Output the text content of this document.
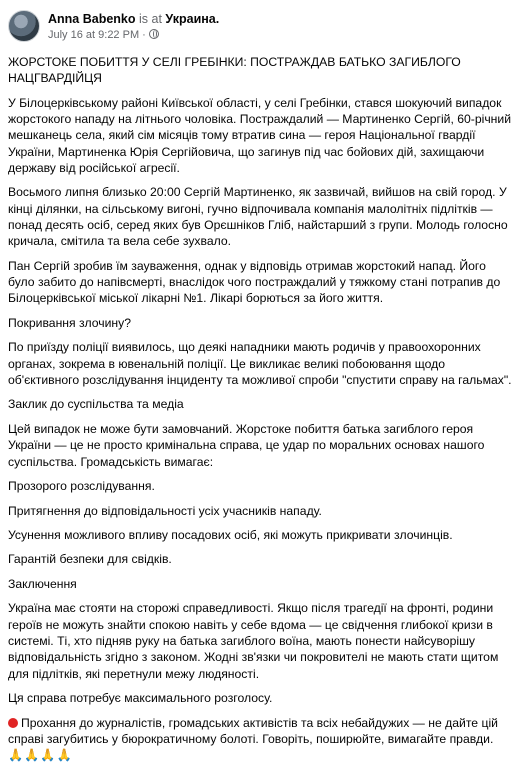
Anna Babenko is at Украина.
July 16 at 9:22 PM ·

ЖОРСТОКЕ ПОБИТТЯ У СЕЛІ ГРЕБІНКИ: ПОСТРАЖДАВ БАТЬКО ЗАГИБЛОГО НАЦГВАРДІЙЦЯ

У Білоцерківському районі Київської області, у селі Гребінки, стався шокуючий випадок жорстокого нападу на літнього чоловіка. Постраждалий — Мартиненко Сергій, 60-річний мешканець села, який сім місяців тому втратив сина — героя Національної гвардії України, Мартиненка Юрія Сергійовича, що загинув під час бойових дій, захищаючи державу від російської агресії.

Восьмого липня близько 20:00 Сергій Мартиненко, як зазвичай, вийшов на свій город. У кінці ділянки, на сільському вигоні, гучно відпочивала компанія малолітніх підлітків — понад десять осіб, серед яких був Орєшніков Гліб, найстарший з групи. Молодь голосно кричала, смітила та вела себе зухвало.

Пан Сергій зробив їм зауваження, однак у відповідь отримав жорстокий напад. Його було забито до напівсмерті, внаслідок чого постраждалий у тяжкому стані потрапив до Білоцерківської міської лікарні №1. Лікарі борються за його життя.

Покривання злочину?

По приїзду поліції виявилось, що деякі нападники мають родичів у правоохоронних органах, зокрема в ювенальній поліції. Це викликає великі побоювання щодо об'єктивного розслідування інциденту та можливої спроби "спустити справу на гальмах".

Заклик до суспільства та медіа

Цей випадок не може бути замовчаний. Жорстоке побиття батька загиблого героя України — це не просто кримінальна справа, це удар по моральних основах нашого суспільства. Громадськість вимагає:

Прозорого розслідування.

Притягнення до відповідальності усіх учасників нападу.

Усунення можливого впливу посадових осіб, які можуть прикривати злочинців.

Гарантій безпеки для свідків.

Заключення

Україна має стояти на сторожі справедливості. Якщо після трагедії на фронті, родини героїв не можуть знайти спокою навіть у себе вдома — це свідчення глибокої кризи в системі. Ті, хто підняв руку на батька загиблого воїна, мають понести найсуворішу відповідальність згідно з законом. Жодні зв'язки чи покровителі не мають стати щитом для підлітків, які перетнули межу людяності.

Ця справа потребує максимального розголосу.

Прохання до журналістів, громадських активістів та всіх небайдужих — не дайте цій справі загубитись у бюрократичному болоті. Говоріть, поширюйте, вимагайте правди.🙏🙏🙏🙏
